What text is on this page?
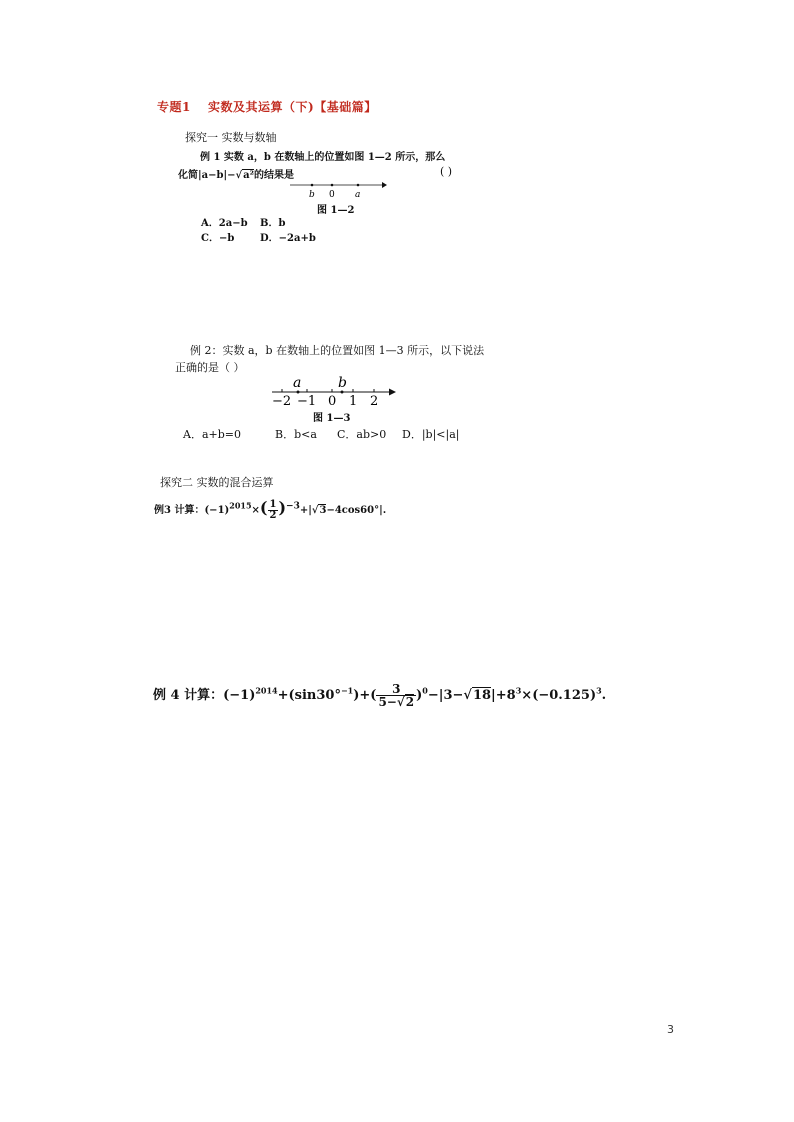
专题1　 实数及其运算（下)【基础篇】
探究一 实数与数轴
例 1 实数 a，b 在数轴上的位置如图 1—2 所示，那么
化简|a−b|−√a²的结果是	( )
b 0 a
图 1—2
A．2a−b B．b
C．−b	D．−2a+b
例 2：实数 a，b 在数轴上的位置如图 1—3 所示，以下说法
正确的是（ ）
a	b
−2 −1 0 1 2
图 1—3
A．a+b=0	B．b<a C．ab>0 D．|b|<|a|
探究二 实数的混合运算
例3 计算：$(-1)^{2015}\times( \frac{1}{2} )^{-3}+|√3-4\cos 60^\circ|$.
例 4 计算：$(-1)^{2014}+(\sin 30^\circ^{-1})+( \frac{3}{5-√2} )^0-|3-√18|+8^3\times(-0.125)^3$.
3
